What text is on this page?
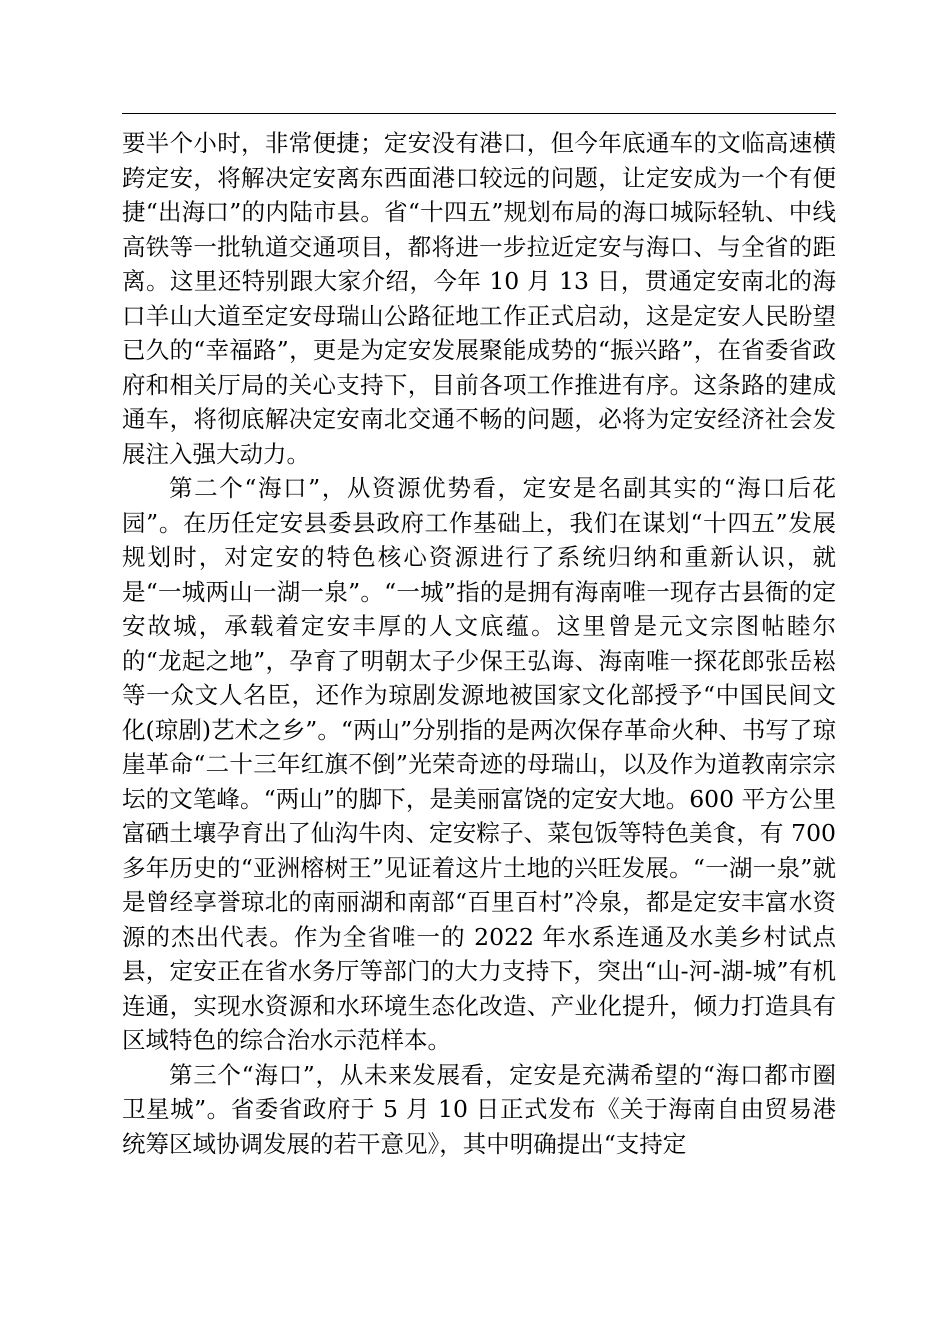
要半个小时，非常便捷；定安没有港口，但今年底通车的文临高速横跨定安，将解决定安离东西面港口较远的问题，让定安成为一个有便捷“出海口”的内陆市县。省“十四五”规划布局的海口城际轻轨、中线高铁等一批轨道交通项目，都将进一步拉近定安与海口、与全省的距离。这里还特别跟大家介绍，今年 10 月 13 日，贯通定安南北的海口羊山大道至定安母瑞山公路征地工作正式启动，这是定安人民盼望已久的“幸福路”，更是为定安发展聚能成势的“振兴路”，在省委省政府和相关厅局的关心支持下，目前各项工作推进有序。这条路的建成通车，将彻底解决定安南北交通不畅的问题，必将为定安经济社会发展注入强大动力。

第二个“海口”，从资源优势看，定安是名副其实的“海口后花园”。在历任定安县委县政府工作基础上，我们在谋划“十四五”发展规划时，对定安的特色核心资源进行了系统归纳和重新认识，就是“一城两山一湖一泉”。“一城”指的是拥有海南唯一现存古县衙的定安故城，承载着定安丰厚的人文底蕴。这里曾是元文宗图帖睦尔的“龙起之地”，孕育了明朝太子少保王弘诲、海南唯一探花郎张岳崧等一众文人名臣，还作为琼剧发源地被国家文化部授予“中国民间文化(琼剧)艺术之乡”。“两山”分别指的是两次保存革命火种、书写了琼崖革命“二十三年红旗不倒”光荣奇迹的母瑞山，以及作为道教南宗宗坛的文笔峰。“两山”的脚下，是美丽富饶的定安大地。600 平方公里富硒土壤孕育出了仙沟牛肉、定安粽子、菜包饭等特色美食，有 700 多年历史的“亚洲榕树王”见证着这片土地的兴旺发展。“一湖一泉”就是曾经享誉琼北的南丽湖和南部“百里百村”冷泉，都是定安丰富水资源的杰出代表。作为全省唯一的 2022 年水系连通及水美乡村试点县，定安正在省水务厅等部门的大力支持下，突出“山-河-湖-城”有机连通，实现水资源和水环境生态化改造、产业化提升，倾力打造具有区域特色的综合治水示范样本。

第三个“海口”，从未来发展看，定安是充满希望的“海口都市圈卫星城”。省委省政府于 5 月 10 日正式发布《关于海南自由贸易港统筹区域协调发展的若干意见》，其中明确提出“支持定
